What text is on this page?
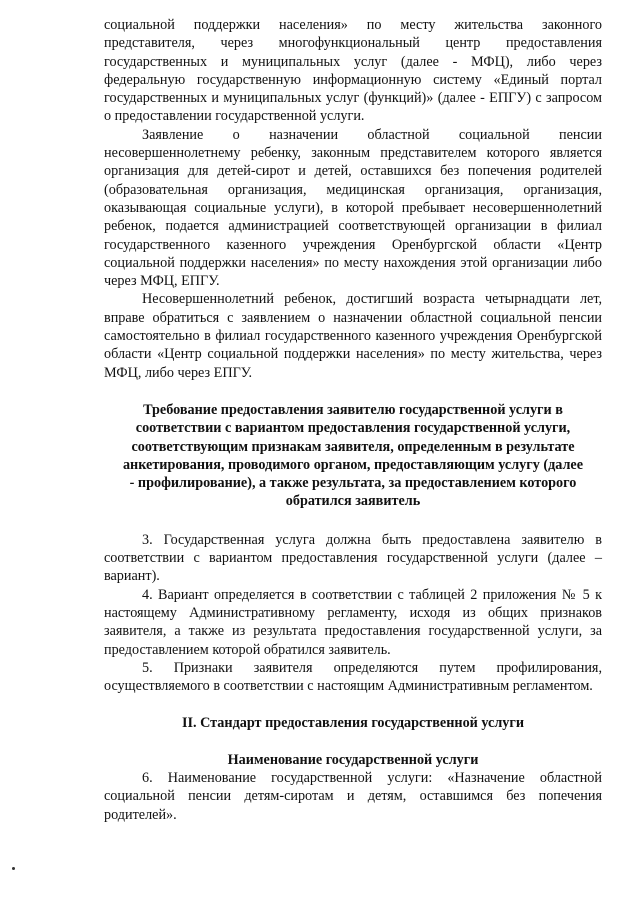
социальной поддержки населения» по месту жительства законного представителя, через многофункциональный центр предоставления государственных и муниципальных услуг (далее - МФЦ), либо через федеральную государственную информационную систему «Единый портал государственных и муниципальных услуг (функций)» (далее - ЕПГУ) с запросом о предоставлении государственной услуги.

Заявление о назначении областной социальной пенсии несовершеннолетнему ребенку, законным представителем которого является организация для детей-сирот и детей, оставшихся без попечения родителей (образовательная организация, медицинская организация, организация, оказывающая социальные услуги), в которой пребывает несовершеннолетний ребенок, подается администрацией соответствующей организации в филиал государственного казенного учреждения Оренбургской области «Центр социальной поддержки населения» по месту нахождения этой организации либо через МФЦ, ЕПГУ.

Несовершеннолетний ребенок, достигший возраста четырнадцати лет, вправе обратиться с заявлением о назначении областной социальной пенсии самостоятельно в филиал государственного казенного учреждения Оренбургской области «Центр социальной поддержки населения» по месту жительства, через МФЦ, либо через ЕПГУ.

Требование предоставления заявителю государственной услуги в соответствии с вариантом предоставления государственной услуги, соответствующим признакам заявителя, определенным в результате анкетирования, проводимого органом, предоставляющим услугу (далее - профилирование), а также результата, за предоставлением которого обратился заявитель

3. Государственная услуга должна быть предоставлена заявителю в соответствии с вариантом предоставления государственной услуги (далее – вариант).

4. Вариант определяется в соответствии с таблицей 2 приложения № 5 к настоящему Административному регламенту, исходя из общих признаков заявителя, а также из результата предоставления государственной услуги, за предоставлением которой обратился заявитель.

5. Признаки заявителя определяются путем профилирования, осуществляемого в соответствии с настоящим Административным регламентом.

II. Стандарт предоставления государственной услуги

Наименование государственной услуги

6. Наименование государственной услуги: «Назначение областной социальной пенсии детям-сиротам и детям, оставшимся без попечения родителей».
